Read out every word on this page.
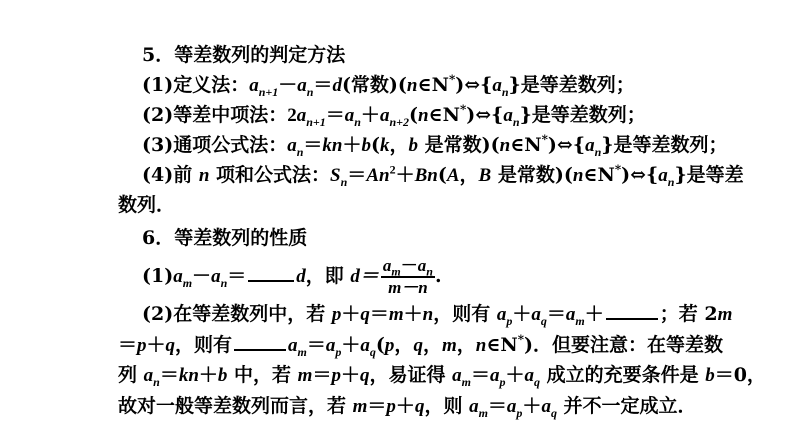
5．等差数列的判定方法
(1)定义法：$a_{n+1}-a_n=d$(常数)$(n\in N^*)\Leftrightarrow\{a_n\}$是等差数列；
(2)等差中项法：$2a_{n+1}=a_n+a_{n+2}(n\in N^*)\Leftrightarrow\{a_n\}$是等差数列；
(3)通项公式法：$a_n=kn+b(k$，b 是常数)$(n\in N^*)\Leftrightarrow\{a_n\}$是等差数列；
(4)前 n 项和公式法：$S_n=An^2+Bn(A$，B 是常数)$(n\in N^*)\Leftrightarrow\{a_n\}$是等差
数列．
6．等差数列的性质
$(1)a_m-a_n=$	d，即 $d= \frac{a_m-a_n}{m-n}$ .
(2)在等差数列中，若 p＋q＝m＋n，则有 $a_p+a_q=a_m+$	；若 2m
＝p＋q，则有	$a_m=a_p+a_q(p$，q，m，n∈N*)．但要注意：在等差数
列 $a_n=kn+b$ 中，若 m＝p＋q，易证得 $a_m=a_p+a_q$ 成立的充要条件是 b＝0，
故对一般等差数列而言，若 m＝p＋q，则 $a_m=a_p+a_q$ 并不一定成立．
